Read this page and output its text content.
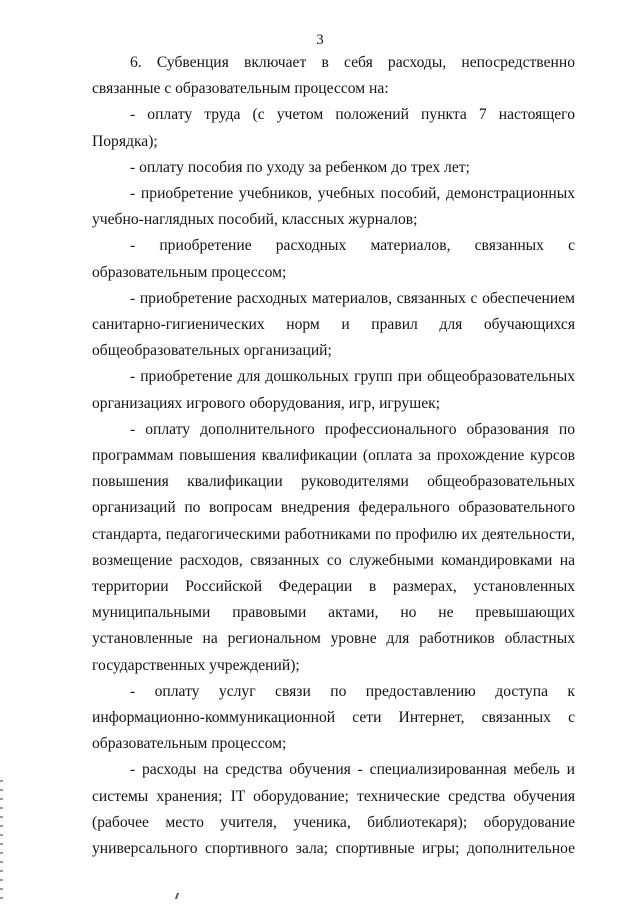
3

6. Субвенция включает в себя расходы, непосредственно связанные с образовательным процессом на:

- оплату труда (с учетом положений пункта 7 настоящего Порядка);

- оплату пособия по уходу за ребенком до трех лет;

- приобретение учебников, учебных пособий, демонстрационных учебно-наглядных пособий, классных журналов;

- приобретение расходных материалов, связанных с образовательным процессом;

- приобретение расходных материалов, связанных с обеспечением санитарно-гигиенических норм и правил для обучающихся общеобразовательных организаций;

- приобретение для дошкольных групп при общеобразовательных организациях игрового оборудования, игр, игрушек;

- оплату дополнительного профессионального образования по программам повышения квалификации (оплата за прохождение курсов повышения квалификации руководителями общеобразовательных организаций по вопросам внедрения федерального образовательного стандарта, педагогическими работниками по профилю их деятельности, возмещение расходов, связанных со служебными командировками на территории Российской Федерации в размерах, установленных муниципальными правовыми актами, но не превышающих установленные на региональном уровне для работников областных государственных учреждений);

- оплату услуг связи по предоставлению доступа к информационно-коммуникационной сети Интернет, связанных с образовательным процессом;

- расходы на средства обучения - специализированная мебель и системы хранения; IT оборудование; технические средства обучения (рабочее место учителя, ученика, библиотекаря); оборудование универсального спортивного зала; спортивные игры; дополнительное
